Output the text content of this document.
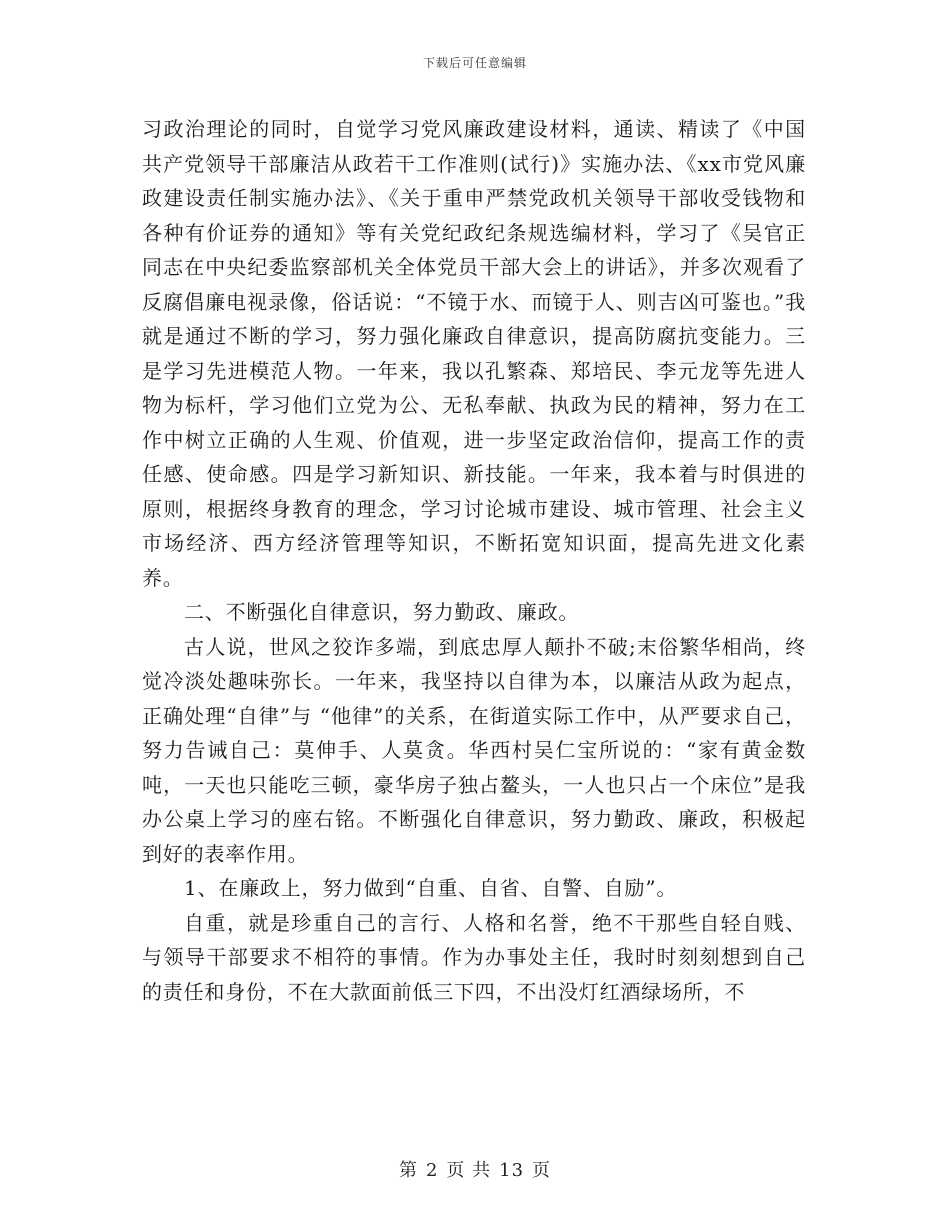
下载后可任意编辑

习政治理论的同时，自觉学习党风廉政建设材料，通读、精读了《中国共产党领导干部廉洁从政若干工作准则(试行)》实施办法、《xx市党风廉政建设责任制实施办法》、《关于重申严禁党政机关领导干部收受钱物和各种有价证券的通知》等有关党纪政纪条规选编材料，学习了《吴官正同志在中央纪委监察部机关全体党员干部大会上的讲话》，并多次观看了反腐倡廉电视录像，俗话说：“不镜于水、而镜于人、则吉凶可鉴也。”我就是通过不断的学习，努力强化廉政自律意识，提高防腐抗变能力。三是学习先进模范人物。一年来，我以孔繁森、郑培民、李元龙等先进人物为标杆，学习他们立党为公、无私奉献、执政为民的精神，努力在工作中树立正确的人生观、价值观，进一步坚定政治信仰，提高工作的责任感、使命感。四是学习新知识、新技能。一年来，我本着与时俱进的原则，根据终身教育的理念，学习讨论城市建设、城市管理、社会主义市场经济、西方经济管理等知识，不断拓宽知识面，提高先进文化素养。

二、不断强化自律意识，努力勤政、廉政。

古人说，世风之狡诈多端，到底忠厚人颠扑不破;末俗繁华相尚，终觉冷淡处趣味弥长。一年来，我坚持以自律为本，以廉洁从政为起点，正确处理“自律”与 “他律”的关系，在街道实际工作中，从严要求自己，努力告诫自己：莫伸手、人莫贪。华西村吴仁宝所说的：“家有黄金数吨，一天也只能吃三顿，豪华房子独占鳌头，一人也只占一个床位”是我办公桌上学习的座右铭。不断强化自律意识，努力勤政、廉政，积极起到好的表率作用。

1、在廉政上，努力做到“自重、自省、自警、自励”。

自重，就是珍重自己的言行、人格和名誉，绝不干那些自轻自贱、与领导干部要求不相符的事情。作为办事处主任，我时时刻刻想到自己的责任和身份，不在大款面前低三下四，不出没灯红酒绿场所，不

第 2 页 共 13 页
